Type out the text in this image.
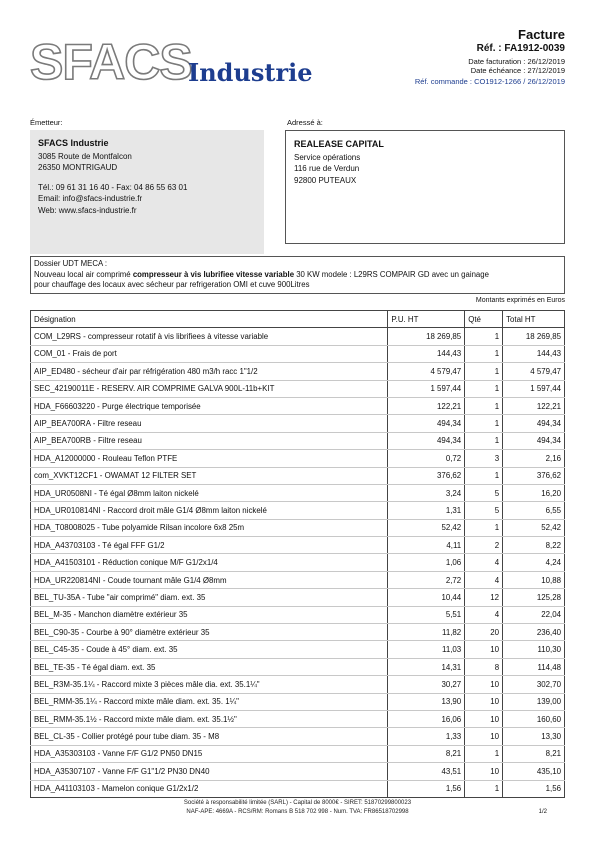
SFACS
Industrie
Facture
Réf. : FA1912-0039
Date facturation : 26/12/2019
Date échéance : 27/12/2019
Réf. commande : CO1912-1266 / 26/12/2019
Émetteur:	Adressé à:
SFACS Industrie
3085 Route de Montfalcon
26350 MONTRIGAUD
Tél.: 09 61 31 16 40 - Fax: 04 86 55 63 01
Email: info@sfacs-industrie.fr
Web: www.sfacs-industrie.fr
REALEASE CAPITAL
Service opérations
116 rue de Verdun
92800 PUTEAUX
Dossier UDT MECA :
Nouveau local air comprimé compresseur à vis lubrifiee vitesse variable 30 KW modele : L29RS COMPAIR GD avec un gainage
pour chauffage des locaux avec sécheur par refrigeration OMI et cuve 900Litres
Montants exprimés en Euros
Désignation	P.U. HT	Qté	Total HT
COM_L29RS - compresseur rotatif à vis librifiees à vitesse variable	18 269,85	1	18 269,85
COM_01 - Frais de port	144,43	1	144,43
AIP_ED480 - sécheur d'air par réfrigération 480 m3/h racc 1"1/2	4 579,47	1	4 579,47
SEC_42190011E - RESERV. AIR COMPRIME GALVA 900L-11b+KIT	1 597,44	1	1 597,44
HDA_F66603220 - Purge électrique temporisée	122,21	1	122,21
AIP_BEA700RA - Filtre reseau	494,34	1	494,34
AIP_BEA700RB - Filtre reseau	494,34	1	494,34
HDA_A12000000 - Rouleau Teflon PTFE	0,72	3	2,16
com_XVKT12CF1 - OWAMAT 12 FILTER SET	376,62	1	376,62
HDA_UR0508NI - Té égal Ø8mm laiton nickelé	3,24	5	16,20
HDA_UR010814NI - Raccord droit mâle G1/4 Ø8mm laiton nickelé	1,31	5	6,55
HDA_T08008025 - Tube polyamide Rilsan incolore 6x8 25m	52,42	1	52,42
HDA_A43703103 - Té égal FFF G1/2	4,11	2	8,22
HDA_A41503101 - Réduction conique M/F G1/2x1/4	1,06	4	4,24
HDA_UR220814NI - Coude tournant mâle G1/4 Ø8mm	2,72	4	10,88
BEL_TU-35A - Tube "air comprimé" diam. ext. 35	10,44	12	125,28
BEL_M-35 - Manchon diamètre extérieur 35	5,51	4	22,04
BEL_C90-35 - Courbe à 90° diamètre extérieur 35	11,82	20	236,40
BEL_C45-35 - Coude à 45° diam. ext. 35	11,03	10	110,30
BEL_TE-35 - Té égal diam. ext. 35	14,31	8	114,48
BEL_R3M-35.1¼ - Raccord mixte 3 pièces mâle dia. ext. 35.1¼"	30,27	10	302,70
BEL_RMM-35.1¼ - Raccord mixte mâle diam. ext. 35. 1¼"	13,90	10	139,00
BEL_RMM-35.1½ - Raccord mixte mâle diam. ext. 35.1½"	16,06	10	160,60
BEL_CL-35 - Collier protégé pour tube diam. 35 - M8	1,33	10	13,30
HDA_A35303103 - Vanne F/F G1/2 PN50 DN15	8,21	1	8,21
HDA_A35307107 - Vanne F/F G1"1/2 PN30 DN40	43,51	10	435,10
HDA_A41103103 - Mamelon conique G1/2x1/2	1,56	1	1,56
Société à responsabilité limitée (SARL) - Capital de 8000€ - SIRET: 51870299800023
NAF-APE: 4669A - RCS/RM: Romans B 518 702 998 - Num. TVA: FR86518702998	1/2
